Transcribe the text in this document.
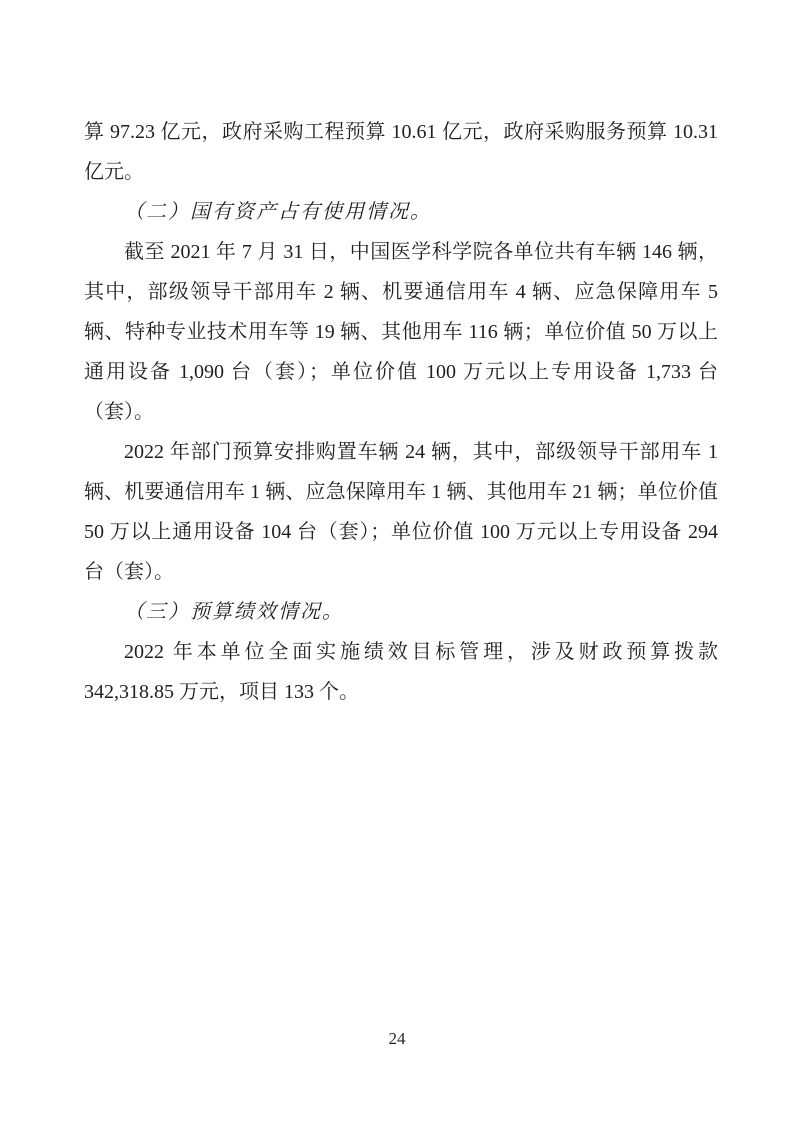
算 97.23 亿元，政府采购工程预算 10.61 亿元，政府采购服务预算 10.31 亿元。

（二）国有资产占有使用情况。

截至 2021 年 7 月 31 日，中国医学科学院各单位共有车辆 146 辆，其中，部级领导干部用车 2 辆、机要通信用车 4 辆、应急保障用车 5 辆、特种专业技术用车等 19 辆、其他用车 116 辆；单位价值 50 万以上通用设备 1,090 台（套）；单位价值 100 万元以上专用设备 1,733 台（套）。

2022 年部门预算安排购置车辆 24 辆，其中，部级领导干部用车 1 辆、机要通信用车 1 辆、应急保障用车 1 辆、其他用车 21 辆；单位价值 50 万以上通用设备 104 台（套）；单位价值 100 万元以上专用设备 294 台（套）。

（三）预算绩效情况。

2022 年本单位全面实施绩效目标管理，涉及财政预算拨款 342,318.85 万元，项目 133 个。

24
